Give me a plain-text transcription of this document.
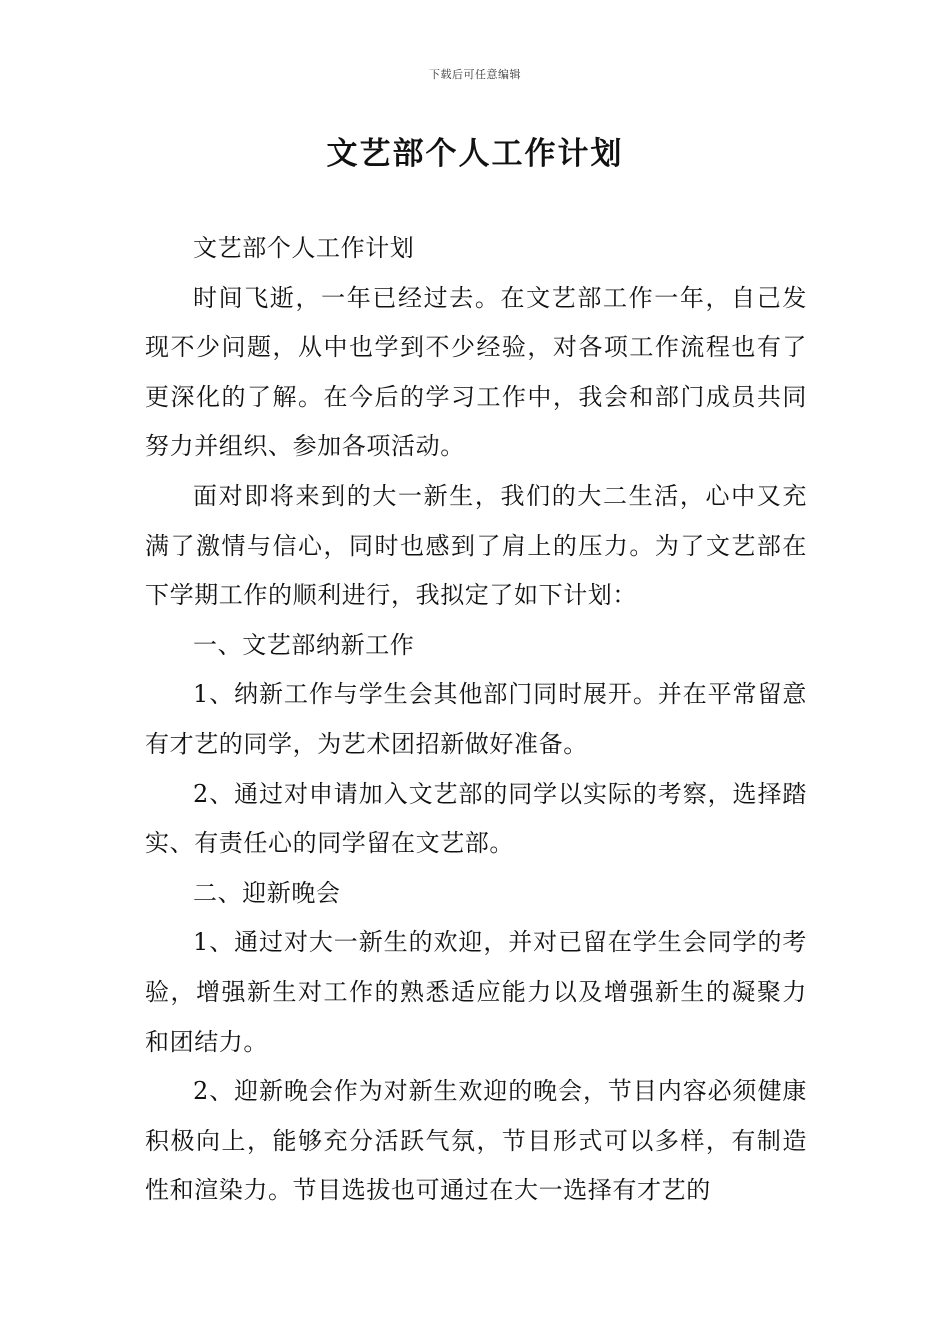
下载后可任意编辑
文艺部个人工作计划

文艺部个人工作计划

时间飞逝，一年已经过去。在文艺部工作一年，自己发现不少问题，从中也学到不少经验，对各项工作流程也有了更深化的了解。在今后的学习工作中，我会和部门成员共同努力并组织、参加各项活动。

面对即将来到的大一新生，我们的大二生活，心中又充满了激情与信心，同时也感到了肩上的压力。为了文艺部在下学期工作的顺利进行，我拟定了如下计划：

一、文艺部纳新工作

1、纳新工作与学生会其他部门同时展开。并在平常留意有才艺的同学，为艺术团招新做好准备。

2、通过对申请加入文艺部的同学以实际的考察，选择踏实、有责任心的同学留在文艺部。

二、迎新晚会

1、通过对大一新生的欢迎，并对已留在学生会同学的考验，增强新生对工作的熟悉适应能力以及增强新生的凝聚力和团结力。

2、迎新晚会作为对新生欢迎的晚会，节目内容必须健康积极向上，能够充分活跃气氛，节目形式可以多样，有制造性和渲染力。节目选拔也可通过在大一选择有才艺的
